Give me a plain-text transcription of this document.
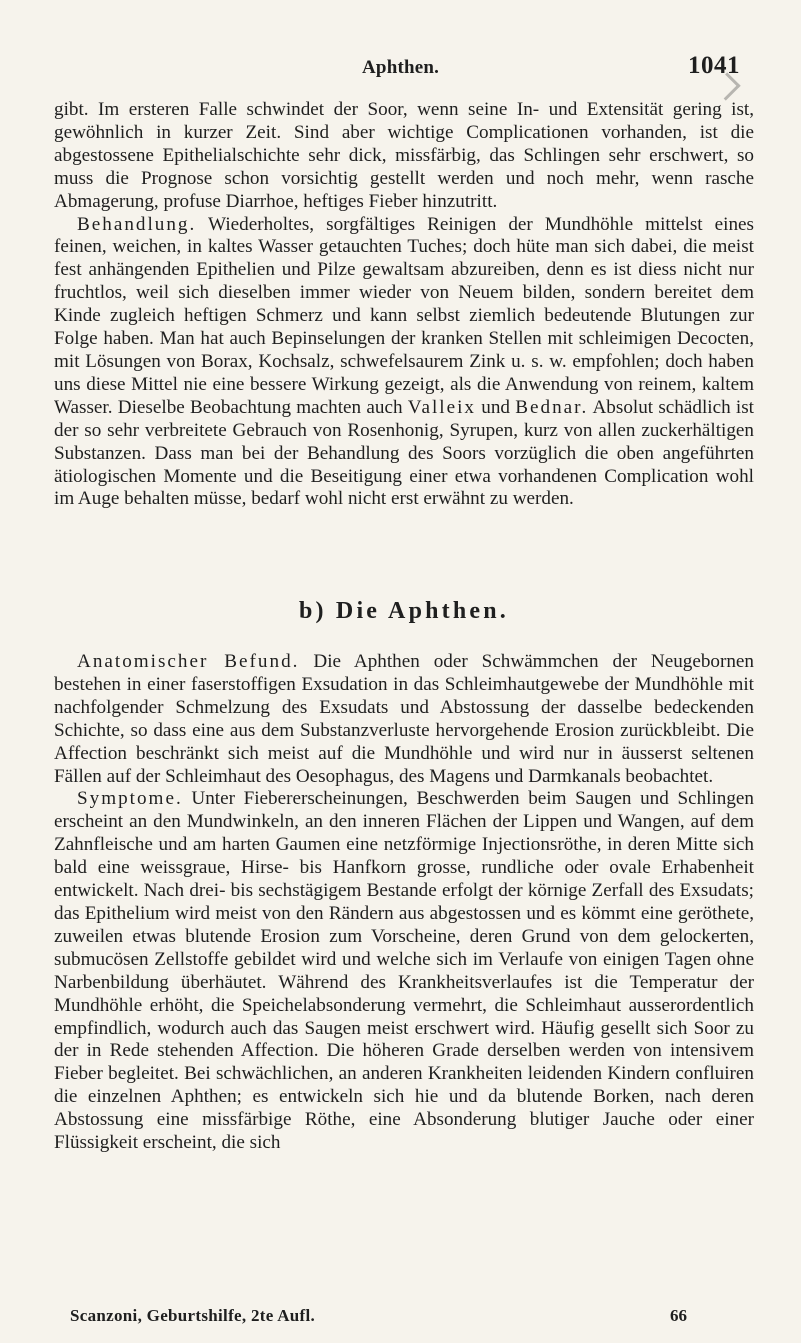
Aphthen.	1041

gibt. Im ersteren Falle schwindet der Soor, wenn seine In- und Extensität gering ist, gewöhnlich in kurzer Zeit. Sind aber wichtige Complicationen vorhanden, ist die abgestossene Epithelialschichte sehr dick, missfärbig, das Schlingen sehr erschwert, so muss die Prognose schon vorsichtig gestellt werden und noch mehr, wenn rasche Abmagerung, profuse Diarrhoe, heftiges Fieber hinzutritt.

Behandlung. Wiederholtes, sorgfältiges Reinigen der Mundhöhle mittelst eines feinen, weichen, in kaltes Wasser getauchten Tuches; doch hüte man sich dabei, die meist fest anhängenden Epithelien und Pilze gewaltsam abzureiben, denn es ist diess nicht nur fruchtlos, weil sich dieselben immer wieder von Neuem bilden, sondern bereitet dem Kinde zugleich heftigen Schmerz und kann selbst ziemlich bedeutende Blutungen zur Folge haben. Man hat auch Bepinselungen der kranken Stellen mit schleimigen Decocten, mit Lösungen von Borax, Kochsalz, schwefelsaurem Zink u. s. w. empfohlen; doch haben uns diese Mittel nie eine bessere Wirkung gezeigt, als die Anwendung von reinem, kaltem Wasser. Dieselbe Beobachtung machten auch Valleix und Bednar. Absolut schädlich ist der so sehr verbreitete Gebrauch von Rosenhonig, Syrupen, kurz von allen zuckerhältigen Substanzen. Dass man bei der Behandlung des Soors vorzüglich die oben angeführten ätiologischen Momente und die Beseitigung einer etwa vorhandenen Complication wohl im Auge behalten müsse, bedarf wohl nicht erst erwähnt zu werden.

b) Die Aphthen.

Anatomischer Befund. Die Aphthen oder Schwämmchen der Neugebornen bestehen in einer faserstoffigen Exsudation in das Schleimhautgewebe der Mundhöhle mit nachfolgender Schmelzung des Exsudats und Abstossung der dasselbe bedeckenden Schichte, so dass eine aus dem Substanzverluste hervorgehende Erosion zurückbleibt. Die Affection beschränkt sich meist auf die Mundhöhle und wird nur in äusserst seltenen Fällen auf der Schleimhaut des Oesophagus, des Magens und Darmkanals beobachtet.

Symptome. Unter Fiebererscheinungen, Beschwerden beim Saugen und Schlingen erscheint an den Mundwinkeln, an den inneren Flächen der Lippen und Wangen, auf dem Zahnfleische und am harten Gaumen eine netzförmige Injectionsröthe, in deren Mitte sich bald eine weissgraue, Hirse- bis Hanfkorn grosse, rundliche oder ovale Erhabenheit entwickelt. Nach drei- bis sechstägigem Bestande erfolgt der körnige Zerfall des Exsudats; das Epithelium wird meist von den Rändern aus abgestossen und es kömmt eine geröthete, zuweilen etwas blutende Erosion zum Vorscheine, deren Grund von dem gelockerten, submucösen Zellstoffe gebildet wird und welche sich im Verlaufe von einigen Tagen ohne Narbenbildung überhäutet. Während des Krankheitsverlaufes ist die Temperatur der Mundhöhle erhöht, die Speichelabsonderung vermehrt, die Schleimhaut ausserordentlich empfindlich, wodurch auch das Saugen meist erschwert wird. Häufig gesellt sich Soor zu der in Rede stehenden Affection. Die höheren Grade derselben werden von intensivem Fieber begleitet. Bei schwächlichen, an anderen Krankheiten leidenden Kindern confluiren die einzelnen Aphthen; es entwickeln sich hie und da blutende Borken, nach deren Abstossung eine missfärbige Röthe, eine Absonderung blutiger Jauche oder einer Flüssigkeit erscheint, die sich

Scanzoni, Geburtshilfe, 2te Aufl.	66
